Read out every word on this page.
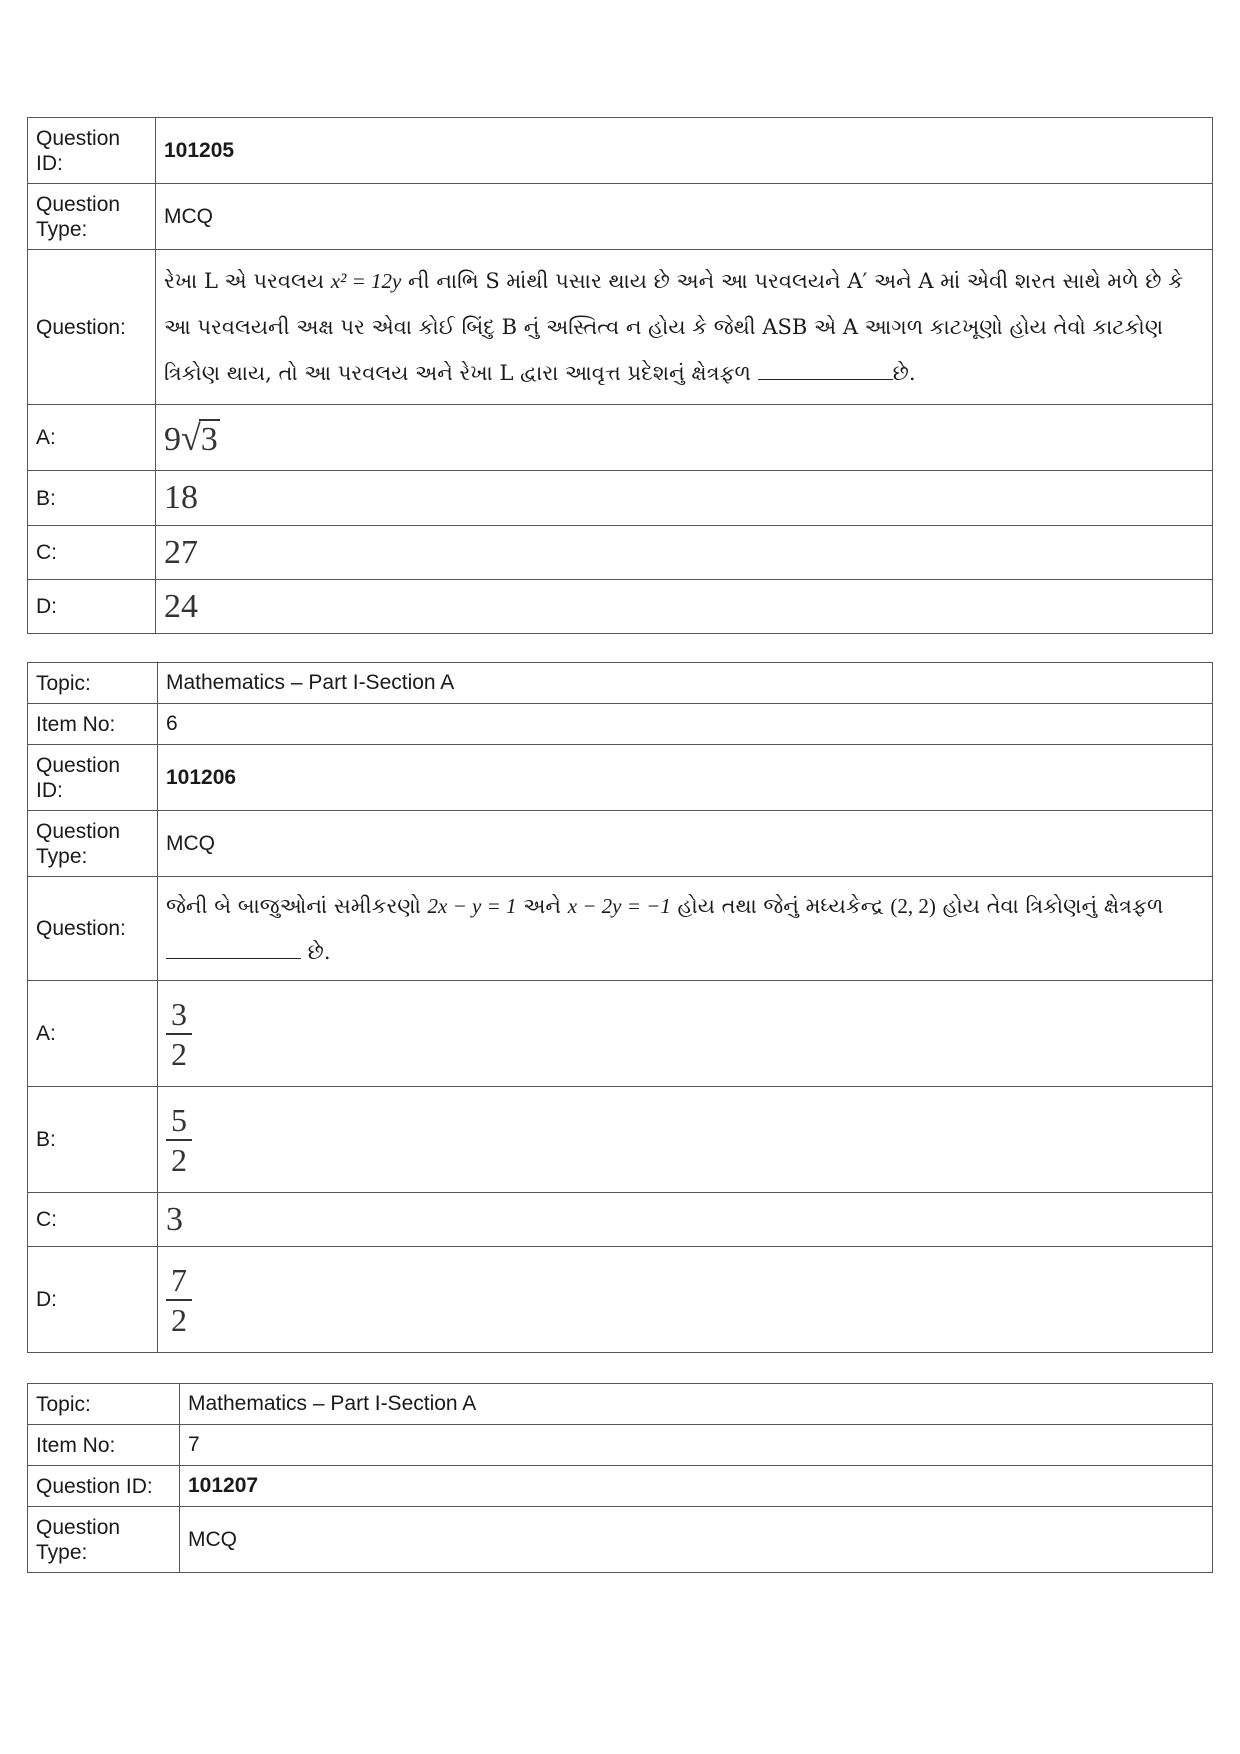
Question ID:	101205
Question Type:	MCQ
Question:	રેખા L એ પરવલય x² = 12y ની નાભિ S માંથી પસાર થાય છે અને આ પરવલયને A′ અને A માં એવી શરત સાથે મળે છે કે આ પરવલયની અક્ષ પર એવા કોઈ બિંદુ B નું અસ્તિત્વ ન હોય કે જેથી ASB એ A આગળ કાટખૂણો હોય તેવો કાટકોણ ત્રિકોણ થાય, તો આ પરવલય અને રેખા L દ્વારા આવૃત્ત પ્રદેશનું ક્ષેત્રફળ છે.
A:	9√3
B:	18
C:	27
D:	24
Topic:	Mathematics – Part I-Section A
Item No:	6
Question ID:	101206
Question Type:	MCQ
Question:	જેની બે બાજુઓનાં સમીકરણો 2x − y = 1 અને x − 2y = −1 હોય તથા જેનું મધ્યકેન્દ્ર (2, 2) હોય તેવા ત્રિકોણનું ક્ષેત્રફળ  છે.
A:	$\frac{3}{2}$

B:	$\frac{5}{2}$

C:	3
D:	$\frac{7}{2}$
Topic:	Mathematics – Part I-Section A
Item No:	7
Question ID:	101207
Question Type:	MCQ
